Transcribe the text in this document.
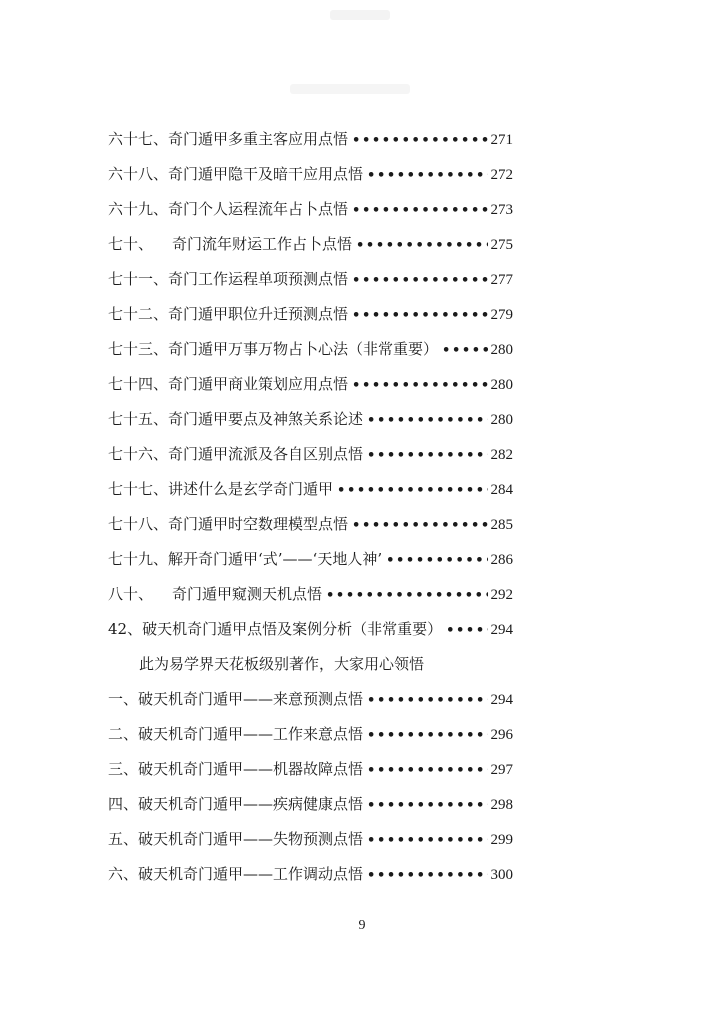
六十七、 奇门遁甲多重主客应用点悟 •••••	271
六十八、 奇门遁甲隐干及暗干应用点悟 •••••	272
六十九、 奇门个人运程流年占卜点悟 •••••	273
七十、	奇门流年财运工作占卜点悟 •••••	275
七十一、 奇门工作运程单项预测点悟 •••••	277
七十二、 奇门遁甲职位升迁预测点悟 •••••	279
七十三、 奇门遁甲万事万物占卜心法（非常重要） •••••	280
七十四、 奇门遁甲商业策划应用点悟 •••••	280
七十五、 奇门遁甲要点及神煞关系论述 •••••	280
七十六、 奇门遁甲流派及各自区别点悟 •••••	282
七十七、 讲述什么是玄学奇门遁甲 •••••	284
七十八、 奇门遁甲时空数理模型点悟 •••••	285
七十九、 解开奇门遁甲‘式’——‘天地人神’ •••••	286
八十、	奇门遁甲窥测天机点悟 •••••	292
42、 破天机奇门遁甲点悟及案例分析（非常重要） •••••	294
此为易学界天花板级别著作，大家用心领悟
一、 破天机奇门遁甲——来意预测点悟 •••••	294
二、 破天机奇门遁甲——工作来意点悟 •••••	296
三、 破天机奇门遁甲——机器故障点悟 •••••	297
四、 破天机奇门遁甲——疾病健康点悟 •••••	298
五、 破天机奇门遁甲——失物预测点悟 •••••	299
六、 破天机奇门遁甲——工作调动点悟 •••••	300
9
